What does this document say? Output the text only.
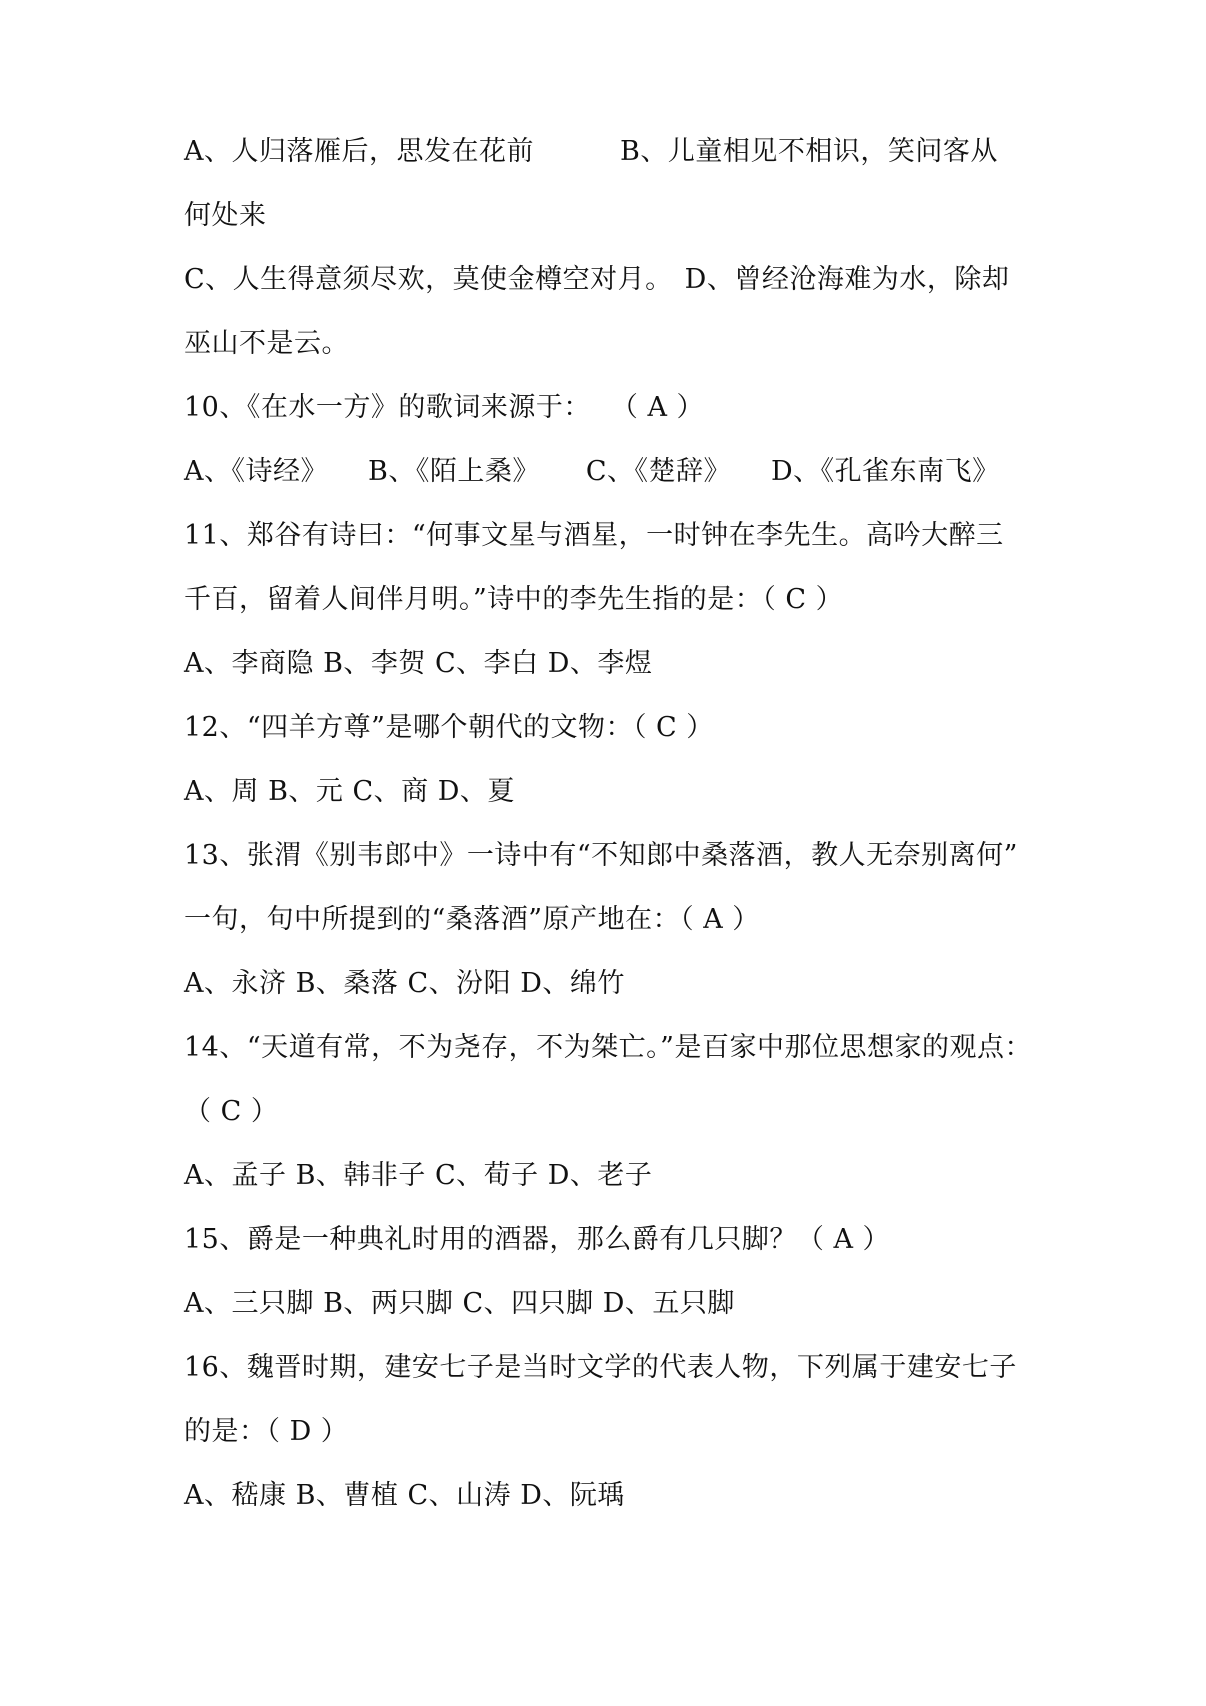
A、人归落雁后，思发在花前	B、儿童相见不相识，笑问客从
何处来
C、人生得意须尽欢，莫使金樽空对月。 D、曾经沧海难为水，除却
巫山不是云。
10、《在水一方》的歌词来源于： （ A ）
A、《诗经》 B、《陌上桑》 C、《楚辞》 D、《孔雀东南飞》
11、郑谷有诗曰：“何事文星与酒星，一时钟在李先生。高吟大醉三
千百，留着人间伴月明。”诗中的李先生指的是：（ C ）
A、李商隐 B、李贺 C、李白 D、李煜
12、“四羊方尊”是哪个朝代的文物：（ C ）
A、周 B、元 C、商 D、夏
13、张渭《别韦郎中》一诗中有“不知郎中桑落酒，教人无奈别离何”
一句，句中所提到的“桑落酒”原产地在：（ A ）
A、永济 B、桑落 C、汾阳 D、绵竹
14、“天道有常，不为尧存，不为桀亡。”是百家中那位思想家的观点：
（ C ）
A、孟子 B、韩非子 C、荀子 D、老子
15、爵是一种典礼时用的酒器，那么爵有几只脚？（ A ）
A、三只脚 B、两只脚 C、四只脚 D、五只脚
16、魏晋时期，建安七子是当时文学的代表人物，下列属于建安七子
的是：（ D ）
A、嵇康 B、曹植 C、山涛 D、阮瑀
